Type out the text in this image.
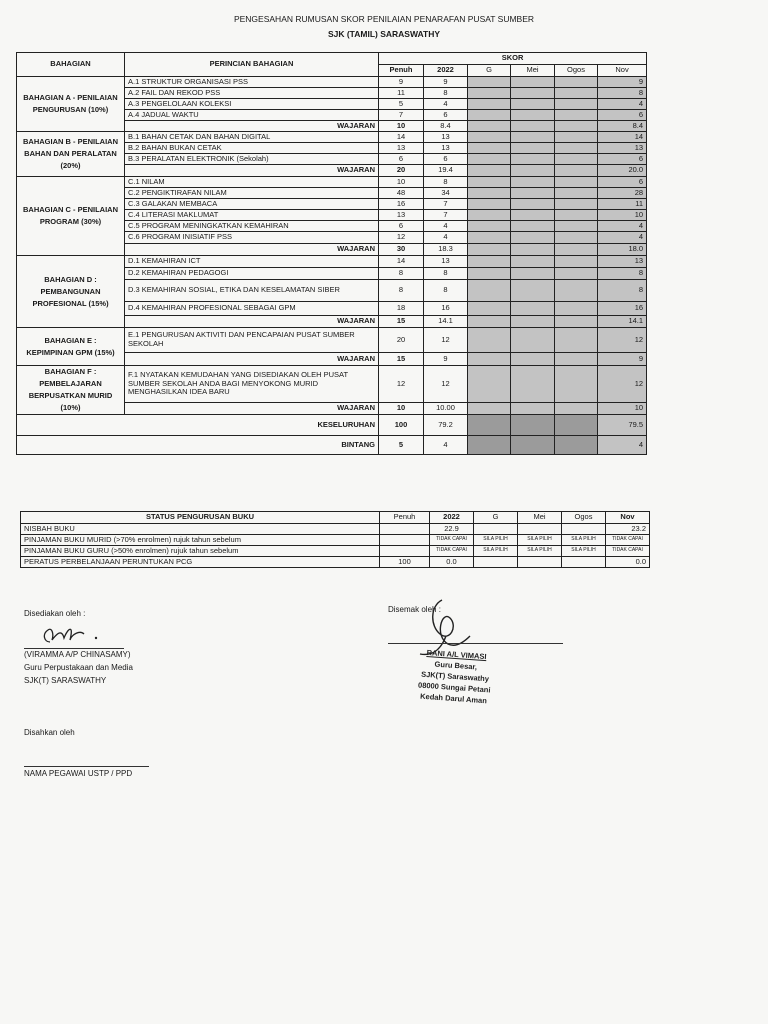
PENGESAHAN RUMUSAN SKOR PENILAIAN PENARAFAN PUSAT SUMBER
SJK (TAMIL) SARASWATHY
BAHAGIAN	PERINCIAN BAHAGIAN	SKOR					
		Penuh	2022	G	Mei	Ogos	Nov
BAHAGIAN A - PENILAIAN PENGURUSAN (10%)	A.1 STRUKTUR ORGANISASI PSS	9	9				9
	A.2 FAIL DAN REKOD PSS	11	8				8
	A.3 PENGELOLAAN KOLEKSI	5	4				4
	A.4 JADUAL WAKTU	7	6				6
	WAJARAN	10	8.4				8.4
BAHAGIAN B - PENILAIAN BAHAN DAN PERALATAN (20%)	B.1 BAHAN CETAK DAN BAHAN DIGITAL	14	13				14
	B.2 BAHAN BUKAN CETAK	13	13				13
	B.3 PERALATAN ELEKTRONIK (Sekolah)	6	6				6
	WAJARAN	20	19.4				20.0
BAHAGIAN C - PENILAIAN PROGRAM (30%)	C.1 NILAM	10	8				6
	C.2 PENGIKTIRAFAN NILAM	48	34				28
	C.3 GALAKAN MEMBACA	16	7				11
	C.4 LITERASI MAKLUMAT	13	7				10
	C.5 PROGRAM MENINGKATKAN KEMAHIRAN	6	4				4
	C.6 PROGRAM INISIATIF PSS	12	4				4
	WAJARAN	30	18.3				18.0
BAHAGIAN D : PEMBANGUNAN PROFESIONAL (15%)	D.1 KEMAHIRAN ICT	14	13				13
	D.2 KEMAHIRAN PEDAGOGI	8	8				8
	D.3 KEMAHIRAN SOSIAL, ETIKA DAN KESELAMATAN SIBER	8	8				8
	D.4 KEMAHIRAN PROFESIONAL SEBAGAI GPM	18	16				16
	WAJARAN	15	14.1				14.1
BAHAGIAN E : KEPIMPINAN GPM (15%)	E.1 PENGURUSAN AKTIVITI DAN PENCAPAIAN PUSAT SUMBER SEKOLAH	20	12				12
	WAJARAN	15	9				9
BAHAGIAN F : PEMBELAJARAN BERPUSATKAN MURID (10%)	F.1 NYATAKAN KEMUDAHAN YANG DISEDIAKAN OLEH PUSAT SUMBER SEKOLAH ANDA BAGI MENYOKONG MURID MENGHASILKAN IDEA BARU	12	12				12
	WAJARAN	10	10.00				10
KESELURUHAN		100	79.2				79.5
BINTANG		5	4				4
STATUS PENGURUSAN BUKU	Penuh	2022	G	Mei	Ogos	Nov
NISBAH BUKU		22.9				23.2
PINJAMAN BUKU MURID (>70% enrolmen) rujuk tahun sebelum		TIDAK CAPAI	SILA PILIH	SILA PILIH	SILA PILIH	TIDAK CAPAI
PINJAMAN BUKU GURU (>50% enrolmen) rujuk tahun sebelum		TIDAK CAPAI	SILA PILIH	SILA PILIH	SILA PILIH	TIDAK CAPAI
PERATUS PERBELANJAAN PERUNTUKAN PCG	100	0.0				0.0
Disediakan oleh :
(VIRAMMA A/P CHINASAMY)
Guru Perpustakaan dan Media
SJK(T) SARASWATHY
Disemak oleh :
RANI A/L VIMASI
Guru Besar,
SJK(T) Saraswathy
08000 Sungai Petani
Kedah Darul Aman
Disahkan oleh
NAMA PEGAWAI USTP / PPD
